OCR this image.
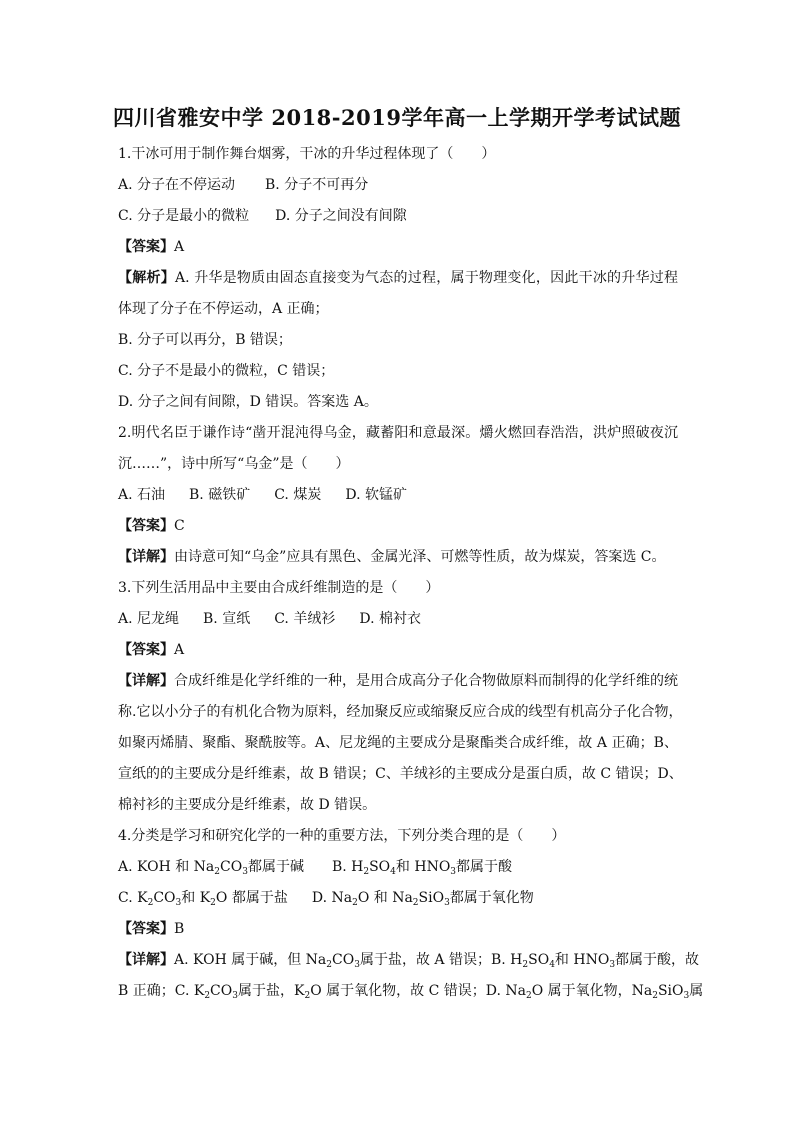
四川省雅安中学 2018-2019学年高一上学期开学考试试题
1.干冰可用于制作舞台烟雾，干冰的升华过程体现了（　　）
A. 分子在不停运动 B. 分子不可再分
C. 分子是最小的微粒 D. 分子之间没有间隙
【答案】A
【解析】A. 升华是物质由固态直接变为气态的过程，属于物理变化，因此干冰的升华过程
体现了分子在不停运动，A 正确；
B. 分子可以再分，B 错误；
C. 分子不是最小的微粒，C 错误；
D. 分子之间有间隙，D 错误。答案选 A。
2.明代名臣于谦作诗“凿开混沌得乌金，藏蓄阳和意最深。爝火燃回春浩浩，洪炉照破夜沉
沉……”，诗中所写“乌金”是（　　）
A. 石油 B. 磁铁矿 C. 煤炭 D. 软锰矿
【答案】C
【详解】由诗意可知“乌金”应具有黑色、金属光泽、可燃等性质，故为煤炭，答案选 C。
3.下列生活用品中主要由合成纤维制造的是（　　）
A. 尼龙绳 B. 宣纸 C. 羊绒衫 D. 棉衬衣
【答案】A
【详解】合成纤维是化学纤维的一种，是用合成高分子化合物做原料而制得的化学纤维的统
称.它以小分子的有机化合物为原料，经加聚反应或缩聚反应合成的线型有机高分子化合物，
如聚丙烯腈、聚酯、聚酰胺等。A、尼龙绳的主要成分是聚酯类合成纤维，故 A 正确；B、
宣纸的的主要成分是纤维素，故 B 错误；C、羊绒衫的主要成分是蛋白质，故 C 错误；D、
棉衬衫的主要成分是纤维素，故 D 错误。
4.分类是学习和研究化学的一种的重要方法，下列分类合理的是（　　）
A. KOH 和 $Na_2CO_3$都属于碱 B. $H_2SO_4$和 $HNO_3$都属于酸
C. $K_2CO_3$和 $K_2O$ 都属于盐 D. $Na_2O$ 和 $Na_2SiO_3$都属于氧化物
【答案】B
【详解】A. KOH 属于碱，但 $Na_2CO_3$属于盐，故 A 错误；B. $H_2SO_4$和 $HNO_3$都属于酸，故
B 正确；C. $K_2CO_3$属于盐，$K_2O$ 属于氧化物，故 C 错误；D. $Na_2O$ 属于氧化物，$Na_2SiO_3$属
